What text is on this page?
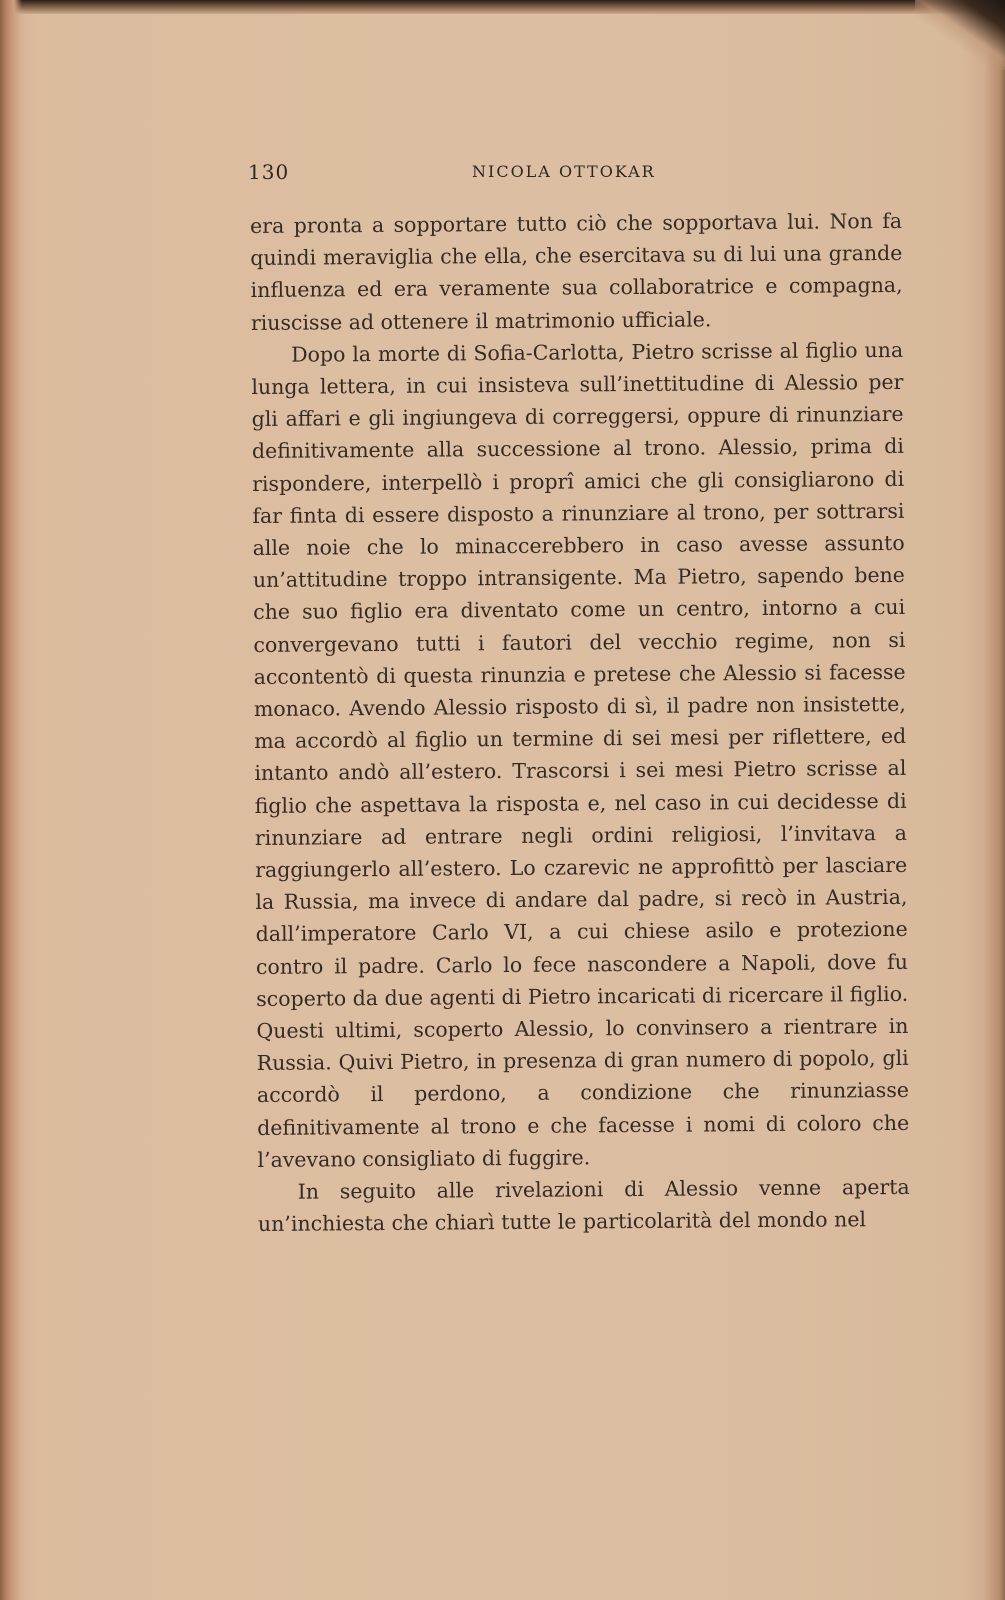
130	NICOLA OTTOKAR

era pronta a sopportare tutto ciò che sopportava lui. Non fa quindi meraviglia che ella, che esercitava su di lui una grande influenza ed era veramente sua collaboratrice e compagna, riuscisse ad ottenere il matrimonio ufficiale.

Dopo la morte di Sofia-Carlotta, Pietro scrisse al figlio una lunga lettera, in cui insisteva sull’inettitudine di Alessio per gli affari e gli ingiungeva di correggersi, oppure di rinunziare definitivamente alla successione al trono. Alessio, prima di rispondere, interpellò i proprî amici che gli consigliarono di far finta di essere disposto a rinunziare al trono, per sottrarsi alle noie che lo minaccerebbero in caso avesse assunto un’attitudine troppo intransigente. Ma Pietro, sapendo bene che suo figlio era diventato come un centro, intorno a cui convergevano tutti i fautori del vecchio regime, non si accontentò di questa rinunzia e pretese che Alessio si facesse monaco. Avendo Alessio risposto di sì, il padre non insistette, ma accordò al figlio un termine di sei mesi per riflettere, ed intanto andò all’estero. Trascorsi i sei mesi Pietro scrisse al figlio che aspettava la risposta e, nel caso in cui decidesse di rinunziare ad entrare negli ordini religiosi, l’invitava a raggiungerlo all’estero. Lo czarevic ne approfittò per lasciare la Russia, ma invece di andare dal padre, si recò in Austria, dall’imperatore Carlo VI, a cui chiese asilo e protezione contro il padre. Carlo lo fece nascondere a Napoli, dove fu scoperto da due agenti di Pietro incaricati di ricercare il figlio. Questi ultimi, scoperto Alessio, lo convinsero a rientrare in Russia. Quivi Pietro, in presenza di gran numero di popolo, gli accordò il perdono, a condizione che rinunziasse definitivamente al trono e che facesse i nomi di coloro che l’avevano consigliato di fuggire.

In seguito alle rivelazioni di Alessio venne aperta un’inchiesta che chiarì tutte le particolarità del mondo nel
